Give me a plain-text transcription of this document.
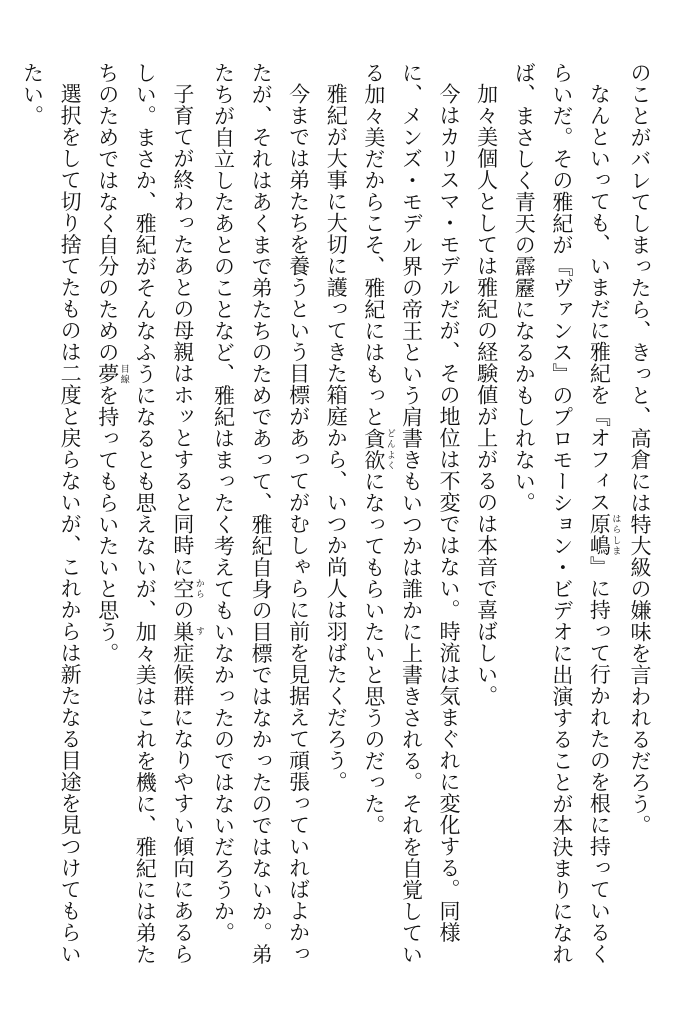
のことがバレてしまったら、きっと、高倉には特大級の嫌味を言われるだろう。

なんといっても、いまだに雅紀を『オフィス原嶋 はらしま』に持って行かれたのを根に持っているくらいだ。その雅紀が『ヴァンス』のプロモーション・ビデオに出演することが本決まりになれば、まさしく青天の霹靂になるかもしれない。

加々美個人としては雅紀の経験値が上がるのは本音で喜ばしい。

今はカリスマ・モデルだが、その地位は不変ではない。時流は気まぐれに変化する。同様に、メンズ・モデル界の帝王という肩書きもいつかは誰かに上書きされる。それを自覚している加々美だからこそ、雅紀にはもっと貪欲 どんよくになってもらいたいと思うのだった。

雅紀が大事に大切に護ってきた箱庭から、いつか尚人は羽ばたくだろう。

今までは弟たちを養うという目標があってがむしゃらに前を見据えて頑張っていればよかったが、それはあくまで弟たちのためであって、雅紀自身の目標ではなかったのではないか。弟たちが自立したあとのことなど、雅紀はまったく考えてもいなかったのではないだろうか。

子育てが終わったあとの母親はホッとすると同時に空 からの巣 す症候群になりやすい傾向にあるらしい。まさか、雅紀がそんなふうになるとも思えないが、加々美はこれを機に、雅紀には弟たちのためではなく自分のための夢 目線を持ってもらいたいと思う。

選択をして切り捨てたものは二度と戻らないが、これからは新たなる目途を見つけてもらいたい。
